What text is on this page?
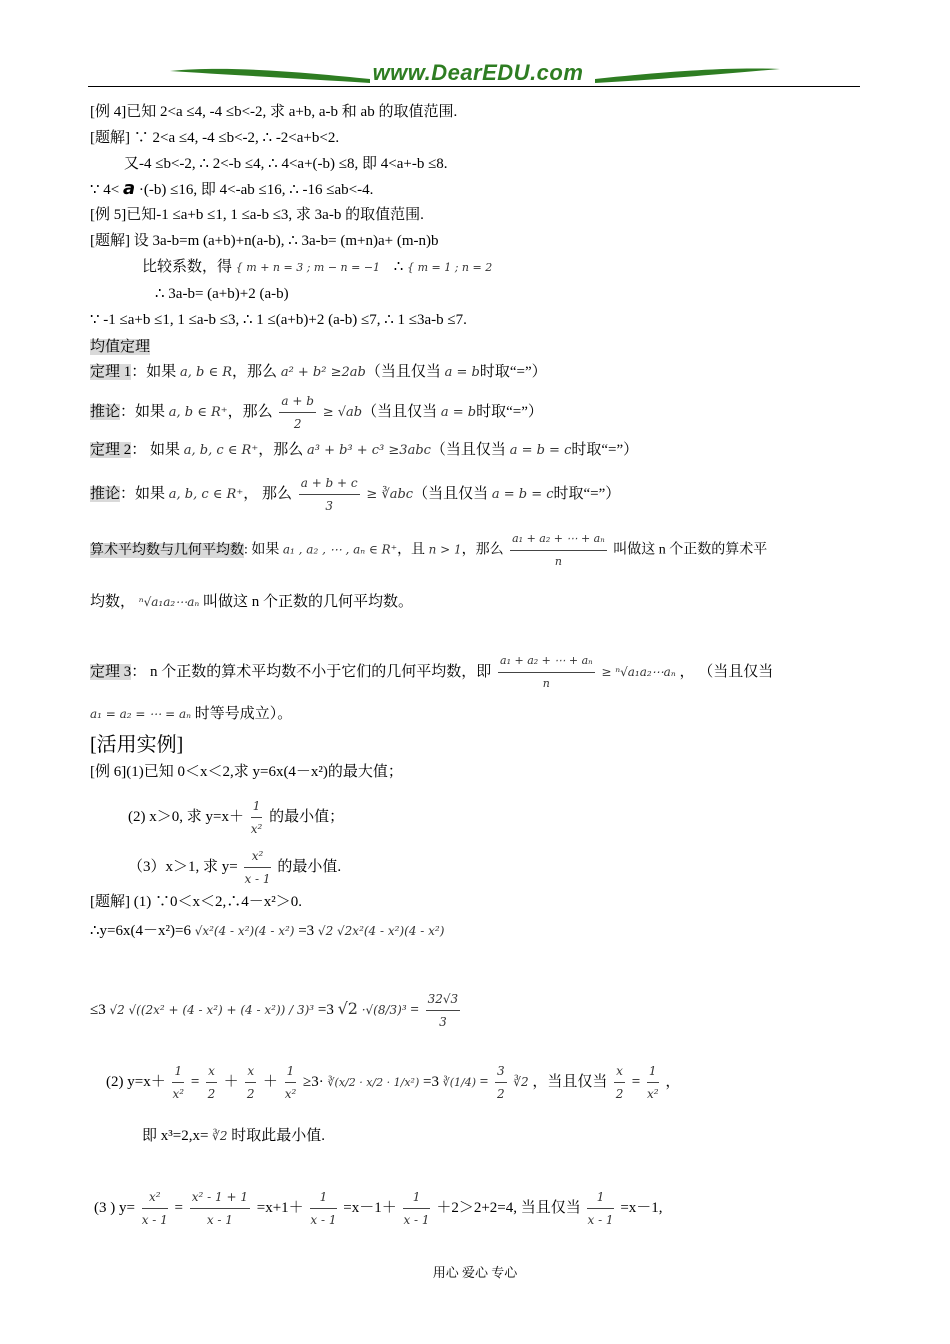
www.DearEDU.com
[例 4]已知 2<a ≤4, -4 ≤b<-2, 求 a+b, a-b 和 ab 的取值范围.
[题解] ∵ 2<a ≤4, -4 ≤b<-2, ∴ -2<a+b<2.
又-4 ≤b<-2, ∴ 2<-b ≤4, ∴ 4<a+(-b) ≤8, 即 4<a+-b ≤8.
∵ 4< a ·(-b) ≤16, 即 4<-ab ≤16, ∴ -16 ≤ab<-4.
[例 5]已知-1 ≤a+b ≤1, 1 ≤a-b ≤3, 求 3a-b 的取值范围.
[题解] 设 3a-b=m (a+b)+n(a-b), ∴ 3a-b= (m+n)a+ (m-n)b
比较系数，得 { m + n = 3 ; m − n = −1 ∴ { m = 1 ; n = 2
∴ 3a-b= (a+b)+2 (a-b)
∵ -1 ≤a+b ≤1, 1 ≤a-b ≤3, ∴ 1 ≤(a+b)+2 (a-b) ≤7, ∴ 1 ≤3a-b ≤7.
均值定理
定理 1：如果 a, b ∈ R，那么 a² + b² ≥2ab（当且仅当 a = b时取“=”）
推论：如果 a, b ∈ R⁺，那么 $\frac{a + b}{2} \ge √ab$（当且仅当 a = b时取“=”）
定理 2： 如果 a, b, c ∈ R⁺，那么 a³ + b³ + c³ ≥3abc（当且仅当 a = b = c时取“=”）
推论：如果 a, b, c ∈ R⁺， 那么 $\frac{a + b + c}{3}$ ≥ ∛abc（当且仅当 a = b = c时取“=”）
算术平均数与几何平均数: 如果 a₁ , a₂ , ⋯ , aₙ ∈ R⁺，且 n > 1，那么 $\frac{\text{a₁ + a₂ + ⋯ + aₙ}}{n}$ 叫做这 n 个正数的算术平
均数， ⁿ√a₁a₂⋯aₙ 叫做这 n 个正数的几何平均数。
定理 3： n 个正数的算术平均数不小于它们的几何平均数，即 $\frac{\text{a₁ + a₂ + ⋯ + aₙ}}{n}$ ≥ ⁿ√a₁a₂⋯aₙ ， （当且仅当
a₁ = a₂ = ⋯ = aₙ 时等号成立）。
[活用实例]
[例 6](1)已知 0＜x＜2,求 y=6x(4－x²)的最大值；
(2) x＞0, 求 $y=x+ \frac{1}{\text{x²}}$ 的最小值；
（3）x＞1, 求 $y= \frac{\text{x²}}{x - 1}$ 的最小值.
[题解] (1) ∵0＜x＜2,∴4－x²＞0.
∴y=6x(4－x²)=6 √x²(4 - x²)(4 - x²) =3 √2 √2x²(4 - x²)(4 - x²)
≤3 √2 √((2x² + (4 - x²) + (4 - x²)) / 3)³ =3 $√2 \cdot√(8/3)^3 = \frac{32√3}{3}$
(2) $y=x+ \frac{1}{\text{x²}} = \frac{x}{2} + \frac{x}{2} + \frac{1}{\text{x²}} \ge 3\cdot$ ∛(x/2 · x/2 · 1/x²) =3 ∛(1/4) = $\frac{3}{2}$ ∛2 ，当且仅当 $\frac{x}{2} = \frac{1}{\text{x²}}$ ，
即 x³=2,x= ∛2 时取此最小值.
(3 ) $y= \frac{\text{x²}}{x - 1} = \frac{\text{x² - 1 + 1}}{x - 1} =x+1+ \frac{1}{x - 1} =x-1+ \frac{1}{x - 1} +2>2+2=4$, 当且仅当 $\frac{1}{x - 1} =x-1$,
用心 爱心 专心
